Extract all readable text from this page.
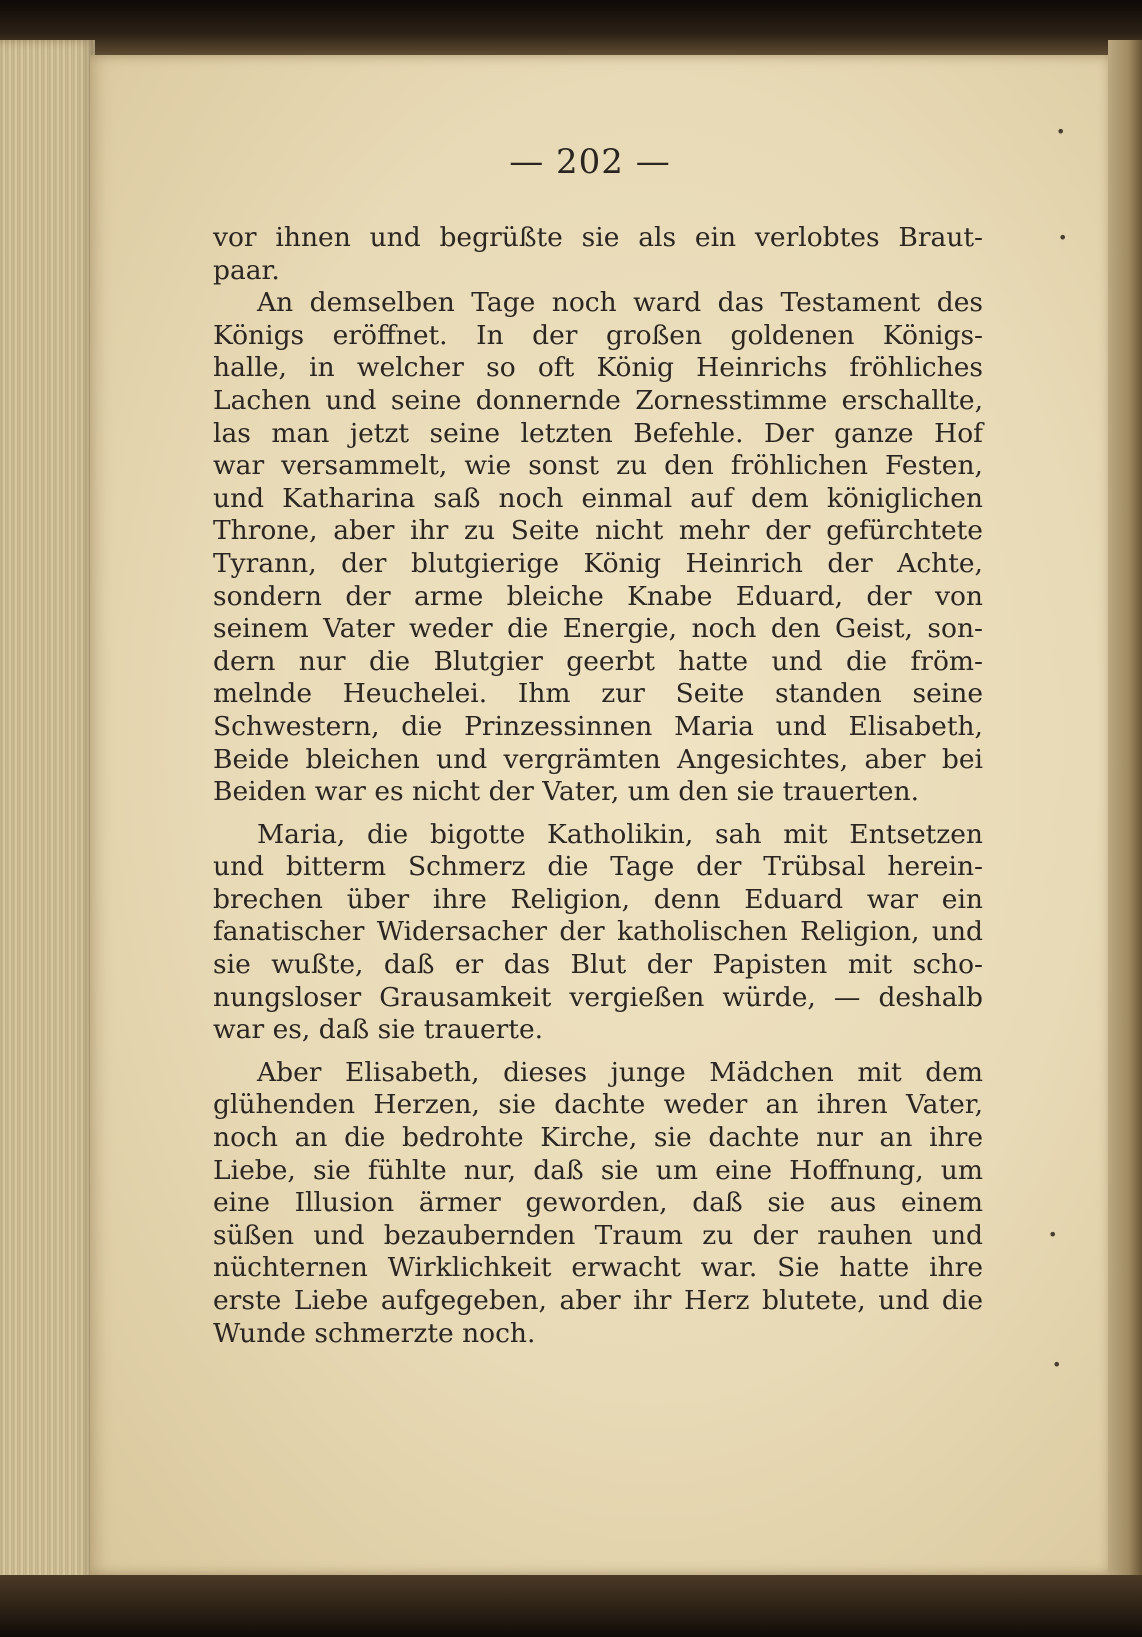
•
•
•
•
— 202 —
vor ihnen und begrüßte sie als ein verlobtes Braut-
paar.
An demselben Tage noch ward das Testament des
Königs eröffnet. In der großen goldenen Königs-
halle, in welcher so oft König Heinrichs fröhliches
Lachen und seine donnernde Zornesstimme erschallte,
las man jetzt seine letzten Befehle. Der ganze Hof
war versammelt, wie sonst zu den fröhlichen Festen,
und Katharina saß noch einmal auf dem königlichen
Throne, aber ihr zu Seite nicht mehr der gefürchtete
Tyrann, der blutgierige König Heinrich der Achte,
sondern der arme bleiche Knabe Eduard, der von
seinem Vater weder die Energie, noch den Geist, son-
dern nur die Blutgier geerbt hatte und die fröm-
melnde Heuchelei. Ihm zur Seite standen seine
Schwestern, die Prinzessinnen Maria und Elisabeth,
Beide bleichen und vergrämten Angesichtes, aber bei
Beiden war es nicht der Vater, um den sie trauerten.
Maria, die bigotte Katholikin, sah mit Entsetzen
und bitterm Schmerz die Tage der Trübsal herein-
brechen über ihre Religion, denn Eduard war ein
fanatischer Widersacher der katholischen Religion, und
sie wußte, daß er das Blut der Papisten mit scho-
nungsloser Grausamkeit vergießen würde, — deshalb
war es, daß sie trauerte.
Aber Elisabeth, dieses junge Mädchen mit dem
glühenden Herzen, sie dachte weder an ihren Vater,
noch an die bedrohte Kirche, sie dachte nur an ihre
Liebe, sie fühlte nur, daß sie um eine Hoffnung, um
eine Illusion ärmer geworden, daß sie aus einem
süßen und bezaubernden Traum zu der rauhen und
nüchternen Wirklichkeit erwacht war. Sie hatte ihre
erste Liebe aufgegeben, aber ihr Herz blutete, und die
Wunde schmerzte noch.
